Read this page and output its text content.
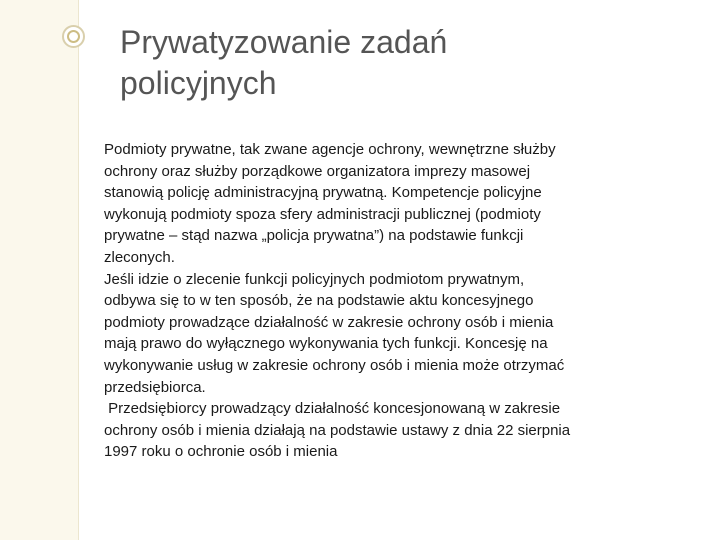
Prywatyzowanie zadań
policyjnych
Podmioty prywatne, tak zwane agencje ochrony, wewnętrzne służby
ochrony oraz służby porządkowe organizatora imprezy masowej
stanowią policję administracyjną prywatną. Kompetencje policyjne
wykonują podmioty spoza sfery administracji publicznej (podmioty
prywatne – stąd nazwa „policja prywatna”) na podstawie funkcji
zleconych.
Jeśli idzie o zlecenie funkcji policyjnych podmiotom prywatnym,
odbywa się to w ten sposób, że na podstawie aktu koncesyjnego
podmioty prowadzące działalność w zakresie ochrony osób i mienia
mają prawo do wyłącznego wykonywania tych funkcji. Koncesję na
wykonywanie usług w zakresie ochrony osób i mienia może otrzymać
przedsiębiorca.
Przedsiębiorcy prowadzący działalność koncesjonowaną w zakresie
ochrony osób i mienia działają na podstawie ustawy z dnia 22 sierpnia
1997 roku o ochronie osób i mienia
